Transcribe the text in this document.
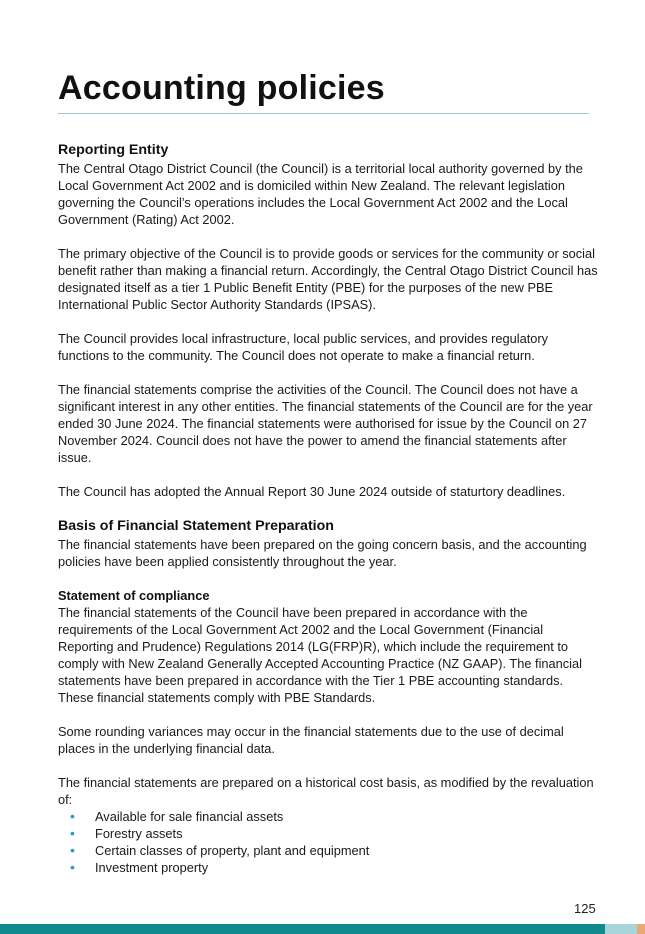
Accounting policies
Reporting Entity

The Central Otago District Council (the Council) is a territorial local authority governed by the Local Government Act 2002 and is domiciled within New Zealand. The relevant legislation governing the Council’s operations includes the Local Government Act 2002 and the Local Government (Rating) Act 2002.

The primary objective of the Council is to provide goods or services for the community or social benefit rather than making a financial return. Accordingly, the Central Otago District Council has designated itself as a tier 1 Public Benefit Entity (PBE) for the purposes of the new PBE International Public Sector Authority Standards (IPSAS).

The Council provides local infrastructure, local public services, and provides regulatory functions to the community. The Council does not operate to make a financial return.

The financial statements comprise the activities of the Council. The Council does not have a significant interest in any other entities. The financial statements of the Council are for the year ended 30 June 2024. The financial statements were authorised for issue by the Council on 27 November 2024. Council does not have the power to amend the financial statements after issue.

The Council has adopted the Annual Report 30 June 2024 outside of staturtory deadlines.

Basis of Financial Statement Preparation

The financial statements have been prepared on the going concern basis, and the accounting policies have been applied consistently throughout the year.

Statement of compliance

The financial statements of the Council have been prepared in accordance with the requirements of the Local Government Act 2002 and the Local Government (Financial Reporting and Prudence) Regulations 2014 (LG(FRP)R), which include the requirement to comply with New Zealand Generally Accepted Accounting Practice (NZ GAAP). The financial statements have been prepared in accordance with the Tier 1 PBE accounting standards. These financial statements comply with PBE Standards.

Some rounding variances may occur in the financial statements due to the use of decimal places in the underlying financial data.

The financial statements are prepared on a historical cost basis, as modified by the revaluation of:

• Available for sale financial assets
• Forestry assets
• Certain classes of property, plant and equipment
• Investment property
125
